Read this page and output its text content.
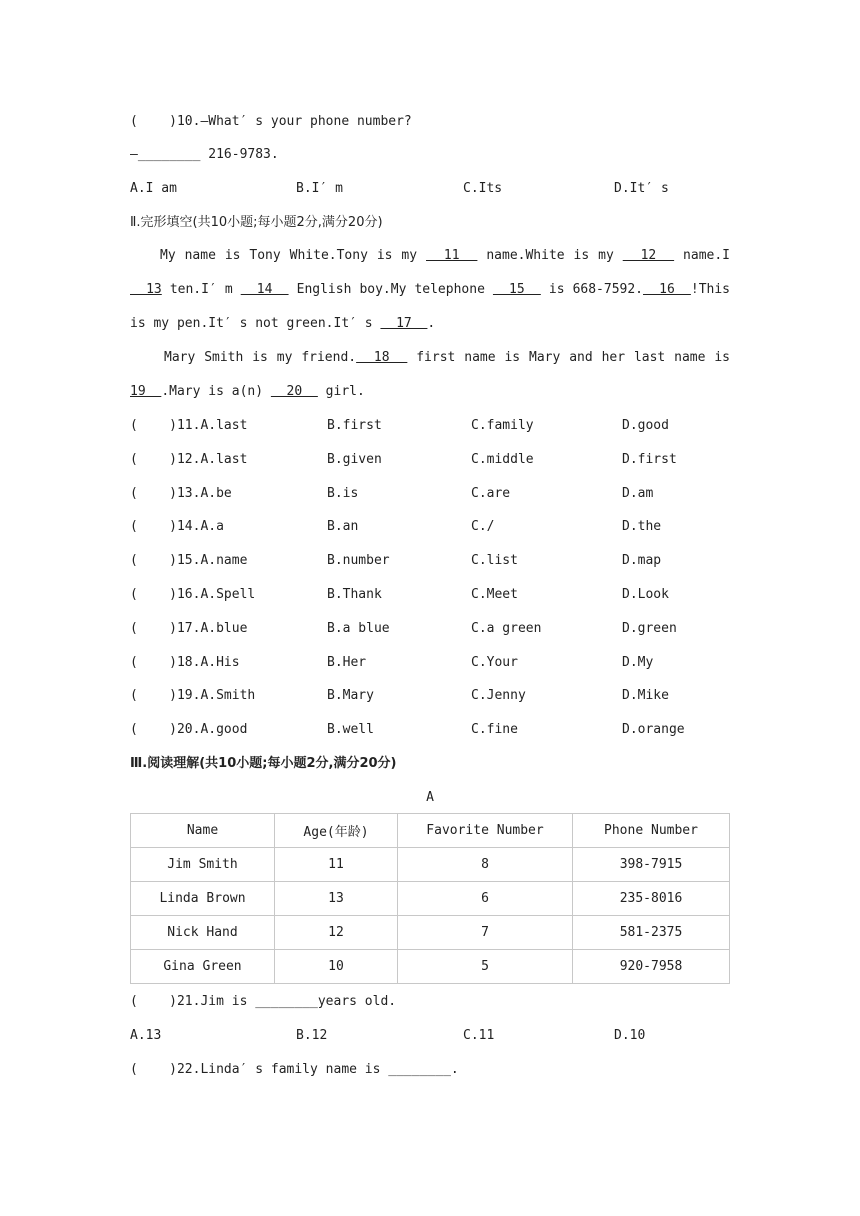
(    )10.—What′ s your phone number?
—________ 216-9783.
A.I am	B.I′ m	C.Its	D.It′ s
Ⅱ.完形填空(共10小题;每小题2分,满分20分)
My name is Tony White.Tony is my   11   name.White is my   12   name.I   13 ten.I′ m   14   English boy.My telephone   15   is 668-7592.  16  !This is my pen.It′ s not green.It′ s   17  .
Mary Smith is my friend.  18   first name is Mary and her last name is 19  .Mary is a(n)   20   girl.
(    )11.A.last	B.first	C.family	D.good
(    )12.A.last	B.given	C.middle	D.first
(    )13.A.be	B.is	C.are	D.am
(    )14.A.a	B.an	C./	D.the
(    )15.A.name	B.number	C.list	D.map
(    )16.A.Spell	B.Thank	C.Meet	D.Look
(    )17.A.blue	B.a blue	C.a green	D.green
(    )18.A.His	B.Her	C.Your	D.My
(    )19.A.Smith	B.Mary	C.Jenny	D.Mike
(    )20.A.good	B.well	C.fine	D.orange
Ⅲ.阅读理解(共10小题;每小题2分,满分20分)
A
Name	Age(年龄)	Favorite Number	Phone Number
Jim Smith	11	8	398-7915
Linda Brown	13	6	235-8016
Nick Hand	12	7	581-2375
Gina Green	10	5	920-7958
(    )21.Jim is ________years old.
A.13	B.12	C.11	D.10
(    )22.Linda′ s family name is ________.
